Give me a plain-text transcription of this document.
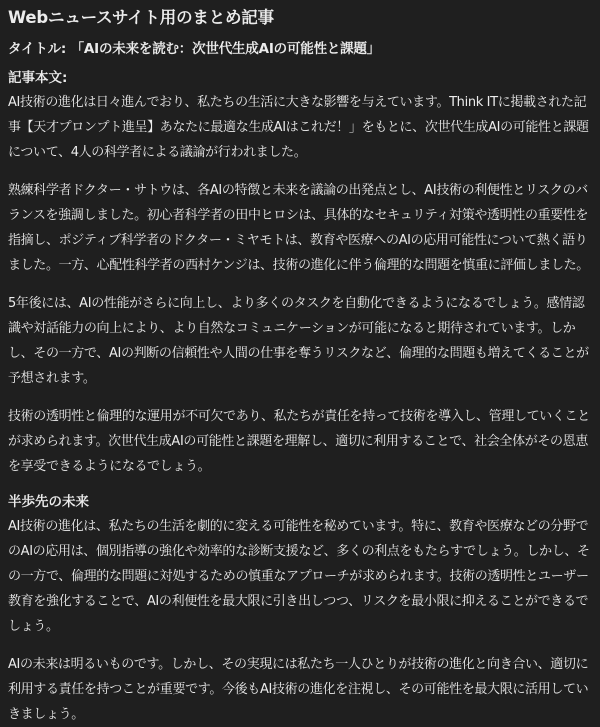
Webニュースサイト用のまとめ記事
タイトル: 「AIの未来を読む：次世代生成AIの可能性と課題」
記事本文:
AI技術の進化は日々進んでおり、私たちの生活に大きな影響を与えています。Think ITに掲載された記事【天才プロンプト進呈】あなたに最適な生成AIはこれだ！」をもとに、次世代生成AIの可能性と課題について、4人の科学者による議論が行われました。
熟練科学者ドクター・サトウは、各AIの特徴と未来を議論の出発点とし、AI技術の利便性とリスクのバランスを強調しました。初心者科学者の田中ヒロシは、具体的なセキュリティ対策や透明性の重要性を指摘し、ポジティブ科学者のドクター・ミヤモトは、教育や医療へのAIの応用可能性について熱く語りました。一方、心配性科学者の西村ケンジは、技術の進化に伴う倫理的な問題を慎重に評価しました。
5年後には、AIの性能がさらに向上し、より多くのタスクを自動化できるようになるでしょう。感情認識や対話能力の向上により、より自然なコミュニケーションが可能になると期待されています。しかし、その一方で、AIの判断の信頼性や人間の仕事を奪うリスクなど、倫理的な問題も増えてくることが予想されます。
技術の透明性と倫理的な運用が不可欠であり、私たちが責任を持って技術を導入し、管理していくことが求められます。次世代生成AIの可能性と課題を理解し、適切に利用することで、社会全体がその恩恵を享受できるようになるでしょう。
半歩先の未来
AI技術の進化は、私たちの生活を劇的に変える可能性を秘めています。特に、教育や医療などの分野でのAIの応用は、個別指導の強化や効率的な診断支援など、多くの利点をもたらすでしょう。しかし、その一方で、倫理的な問題に対処するための慎重なアプローチが求められます。技術の透明性とユーザー教育を強化することで、AIの利便性を最大限に引き出しつつ、リスクを最小限に抑えることができるでしょう。
AIの未来は明るいものです。しかし、その実現には私たち一人ひとりが技術の進化と向き合い、適切に利用する責任を持つことが重要です。今後もAI技術の進化を注視し、その可能性を最大限に活用していきましょう。
